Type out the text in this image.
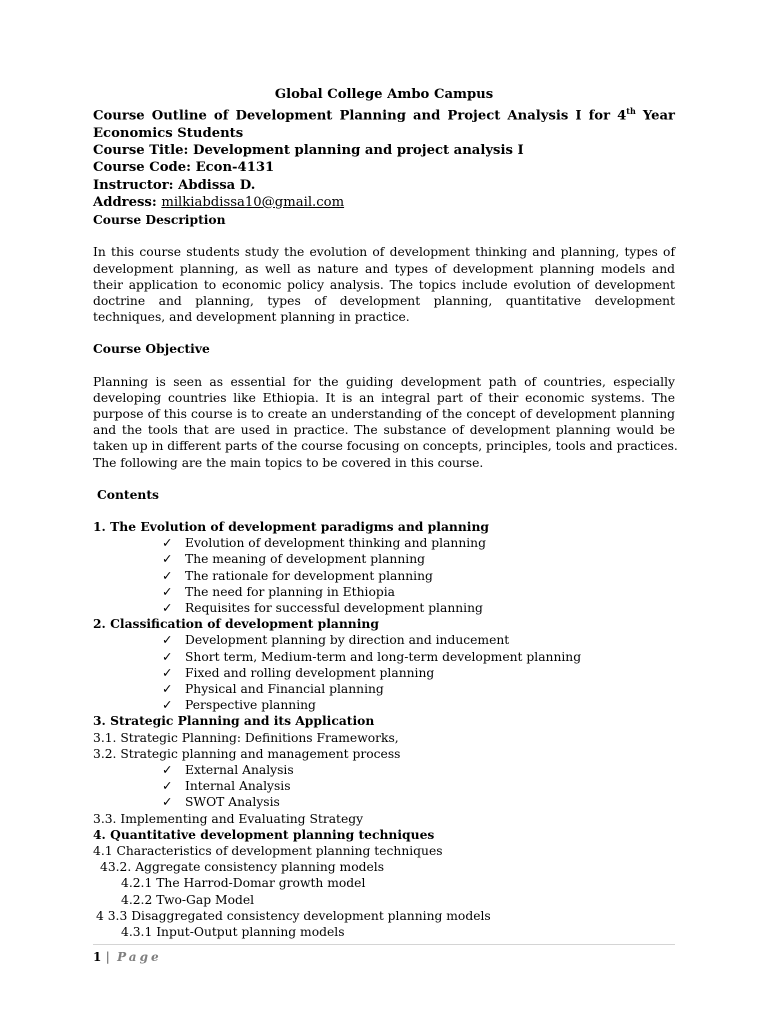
Global College Ambo Campus
Course Outline of Development Planning and Project Analysis I for 4th Year
Economics Students
Course Title: Development planning and project analysis I
Course Code: Econ-4131
Instructor: Abdissa D.
Address: milkiabdissa10@gmail.com
Course Description
In this course students study the evolution of development thinking and planning, types of
development planning, as well as nature and types of development planning models and
their application to economic policy analysis. The topics include evolution of development
doctrine and planning, types of development planning, quantitative development
techniques, and development planning in practice.
Course Objective
Planning is seen as essential for the guiding development path of countries, especially
developing countries like Ethiopia. It is an integral part of their economic systems. The
purpose of this course is to create an understanding of the concept of development planning
and the tools that are used in practice. The substance of development planning would be
taken up in different parts of the course focusing on concepts, principles, tools and practices.
The following are the main topics to be covered in this course.
Contents
1. The Evolution of development paradigms and planning
✓ Evolution of development thinking and planning
✓ The meaning of development planning
✓ The rationale for development planning
✓ The need for planning in Ethiopia
✓ Requisites for successful development planning
2. Classification of development planning
✓ Development planning by direction and inducement
✓ Short term, Medium-term and long-term development planning
✓ Fixed and rolling development planning
✓ Physical and Financial planning
✓ Perspective planning
3. Strategic Planning and its Application
3.1. Strategic Planning: Definitions Frameworks,
3.2. Strategic planning and management process
✓ External Analysis
✓ Internal Analysis
✓ SWOT Analysis
3.3. Implementing and Evaluating Strategy
4. Quantitative development planning techniques
4.1 Characteristics of development planning techniques
43.2. Aggregate consistency planning models
4.2.1 The Harrod-Domar growth model
4.2.2 Two-Gap Model
4 3.3 Disaggregated consistency development planning models
4.3.1 Input-Output planning models
1 | Page
